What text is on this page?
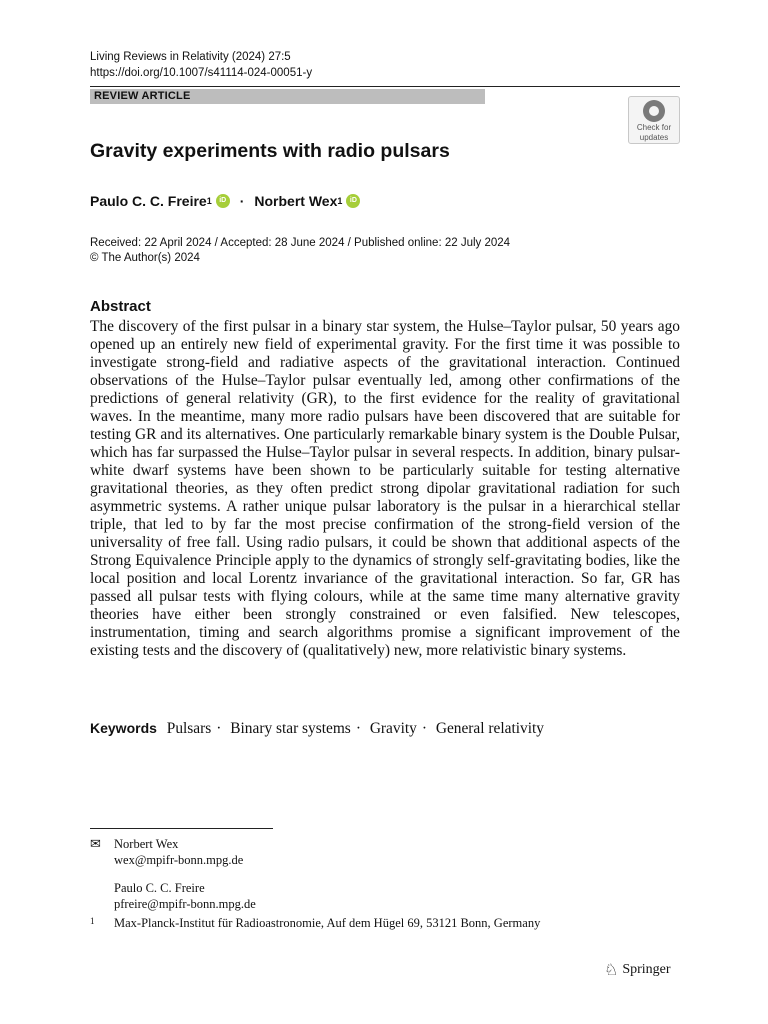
Living Reviews in Relativity (2024) 27:5
https://doi.org/10.1007/s41114-024-00051-y
REVIEW ARTICLE
Check for
updates
Gravity experiments with radio pulsars
Paulo C. C. Freire 1	iD · Norbert Wex 1	iD
Received: 22 April 2024 / Accepted: 28 June 2024 / Published online: 22 July 2024
© The Author(s) 2024
Abstract
The discovery of the first pulsar in a binary star system, the Hulse–Taylor pulsar, 50 years ago opened up an entirely new field of experimental gravity. For the first time it was possible to investigate strong-field and radiative aspects of the gravitational interaction. Continued observations of the Hulse–Taylor pulsar eventually led, among other confirmations of the predictions of general relativity (GR), to the first evidence for the reality of gravitational waves. In the meantime, many more radio pulsars have been discovered that are suitable for testing GR and its alternatives. One particularly remarkable binary system is the Double Pulsar, which has far surpassed the Hulse–Taylor pulsar in several respects. In addition, binary pulsar-white dwarf systems have been shown to be particularly suitable for testing alternative gravitational theories, as they often predict strong dipolar gravitational radiation for such asymmetric systems. A rather unique pulsar laboratory is the pulsar in a hierarchical stellar triple, that led to by far the most precise confirmation of the strong-field version of the universality of free fall. Using radio pulsars, it could be shown that additional aspects of the Strong Equivalence Principle apply to the dynamics of strongly self-gravitating bodies, like the local position and local Lorentz invariance of the gravitational interaction. So far, GR has passed all pulsar tests with flying colours, while at the same time many alternative gravity theories have either been strongly constrained or even falsified. New telescopes, instrumentation, timing and search algorithms promise a significant improvement of the existing tests and the discovery of (qualitatively) new, more relativistic binary systems.
Keywords Pulsars · Binary star systems · Gravity · General relativity
✉	Norbert Wex
wex@mpifr-bonn.mpg.de
Paulo C. C. Freire
pfreire@mpifr-bonn.mpg.de
1	Max-Planck-Institut für Radioastronomie, Auf dem Hügel 69, 53121 Bonn, Germany
♘ Springer
